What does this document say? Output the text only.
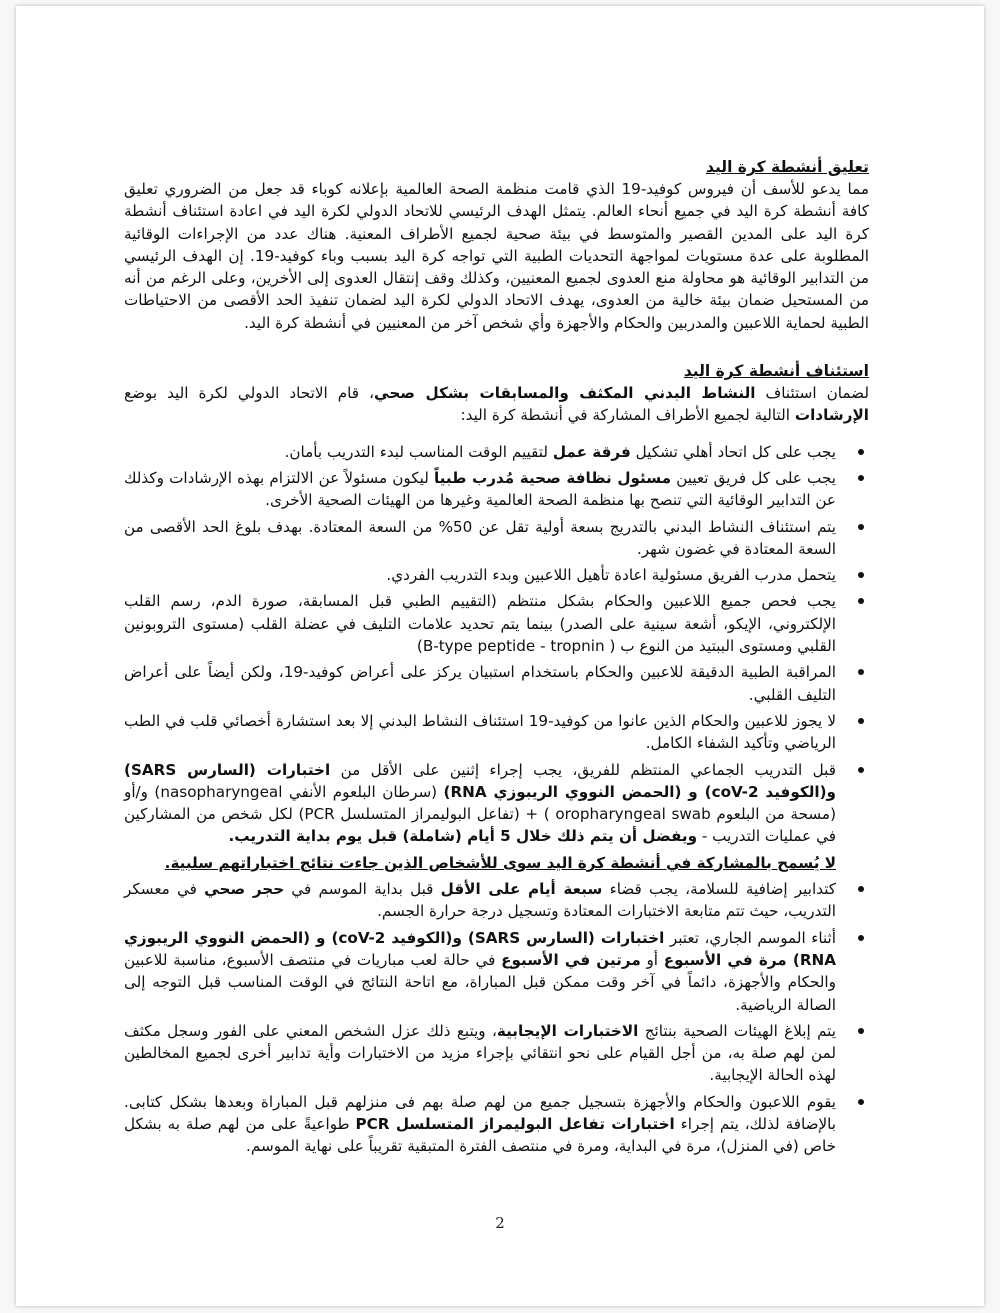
تعليق أنشطة كرة اليد

مما يدعو للأسف أن فيروس كوفيد-19 الذي قامت منظمة الصحة العالمية بإعلانه كوباء قد جعل من الضروري تعليق كافة أنشطة كرة اليد في جميع أنحاء العالم. يتمثل الهدف الرئيسي للاتحاد الدولي لكرة اليد في اعادة استئناف أنشطة كرة اليد على المدين القصير والمتوسط في بيئة صحية لجميع الأطراف المعنية. هناك عدد من الإجراءات الوقائية المطلوبة على عدة مستويات لمواجهة التحديات الطبية التي تواجه كرة اليد بسبب وباء كوفيد-19. إن الهدف الرئيسي من التدابير الوقائية هو محاولة منع العدوى لجميع المعنيين، وكذلك وقف إنتقال العدوى إلى الأخرين، وعلى الرغم من أنه من المستحيل ضمان بيئة خالية من العدوى، يهدف الاتحاد الدولي لكرة اليد لضمان تنفيذ الحد الأقصى من الاحتياطات الطبية لحماية اللاعبين والمدربين والحكام والأجهزة وأي شخص آخر من المعنيين في أنشطة كرة اليد.

استئناف أنشطة كرة اليد

لضمان استئناف النشاط البدني المكثف والمسابقات بشكل صحي، قام الاتحاد الدولي لكرة اليد بوضع الإرشادات التالية لجميع الأطراف المشاركة في أنشطة كرة اليد:

يجب على كل اتحاد أهلي تشكيل فرقة عمل لتقييم الوقت المناسب لبدء التدريب بأمان.
يجب على كل فريق تعيين مسئول نظافة صحية مُدرب طبياً ليكون مسئولاً عن الالتزام بهذه الإرشادات وكذلك عن التدابير الوقائية التي تنصح بها منظمة الصحة العالمية وغيرها من الهيئات الصحية الأخرى.
يتم استئناف النشاط البدني بالتدريج بسعة أولية تقل عن 50% من السعة المعتادة. بهدف بلوغ الحد الأقصى من السعة المعتادة في غضون شهر.
يتحمل مدرب الفريق مسئولية اعادة تأهيل اللاعبين وبدء التدريب الفردي.
يجب فحص جميع اللاعبين والحكام بشكل منتظم (التقييم الطبي قبل المسابقة، صورة الدم، رسم القلب الإلكتروني، الإيكو، أشعة سينية على الصدر) بينما يتم تحديد علامات التليف في عضلة القلب (مستوى التروبونين القلبي ومستوى الببتيد من النوع ب ( B-type peptide - tropnin)
المراقبة الطبية الدقيقة للاعبين والحكام باستخدام استبيان يركز على أعراض كوفيد-19، ولكن أيضاً على أعراض التليف القلبي.
لا يجوز للاعبين والحكام الذين عانوا من كوفيد-19 استئناف النشاط البدني إلا بعد استشارة أخصائي قلب في الطب الرياضي وتأكيد الشفاء الكامل.
قبل التدريب الجماعي المنتظم للفريق، يجب إجراء إثنين على الأقل من اختبارات (السارس SARS) و(الكوفيد coV-2) و (الحمض النووي الريبوزي RNA) (سرطان البلعوم الأنفي nasopharyngeal) و/أو (مسحة من البلعوم oropharyngeal swab ) + (تفاعل البوليمراز المتسلسل PCR) لكل شخص من المشاركين في عمليات التدريب - ويفضل أن يتم ذلك خلال 5 أيام (شاملة) قبل يوم بداية التدريب.
لا يُسمح بالمشاركة في أنشطة كرة اليد سوى للأشخاص الذين جاءت نتائج اختباراتهم سلبية.
كتدابير إضافية للسلامة، يجب قضاء سبعة أيام على الأقل قبل بداية الموسم في حجر صحي في معسكر التدريب، حيث تتم متابعة الاختبارات المعتادة وتسجيل درجة حرارة الجسم.
أثناء الموسم الجاري، تعتبر اختبارات (السارس SARS) و(الكوفيد coV-2) و (الحمض النووي الريبوزي RNA) مرة في الأسبوع أو مرتين في الأسبوع في حالة لعب مباريات في منتصف الأسبوع، مناسبة للاعبين والحكام والأجهزة، دائماً في آخر وقت ممكن قبل المباراة، مع اتاحة النتائج في الوقت المناسب قبل التوجه إلى الصالة الرياضية.
يتم إبلاغ الهيئات الصحية بنتائج الاختبارات الإيجابية، ويتبع ذلك عزل الشخص المعني على الفور وسجل مكثف لمن لهم صلة به، من أجل القيام على نحو انتقائي بإجراء مزيد من الاختبارات وأية تدابير أخرى لجميع المخالطين لهذه الحالة الإيجابية.
يقوم اللاعبون والحكام والأجهزة بتسجيل جميع من لهم صلة بهم فى منزلهم قبل المباراة وبعدها بشكل كتابى. بالإضافة لذلك، يتم إجراء اختبارات تفاعل البوليمراز المتسلسل PCR طواعيةً على من لهم صلة به بشكل خاص (في المنزل)، مرة في البداية، ومرة في منتصف الفترة المتبقية تقريباً على نهاية الموسم.
2
